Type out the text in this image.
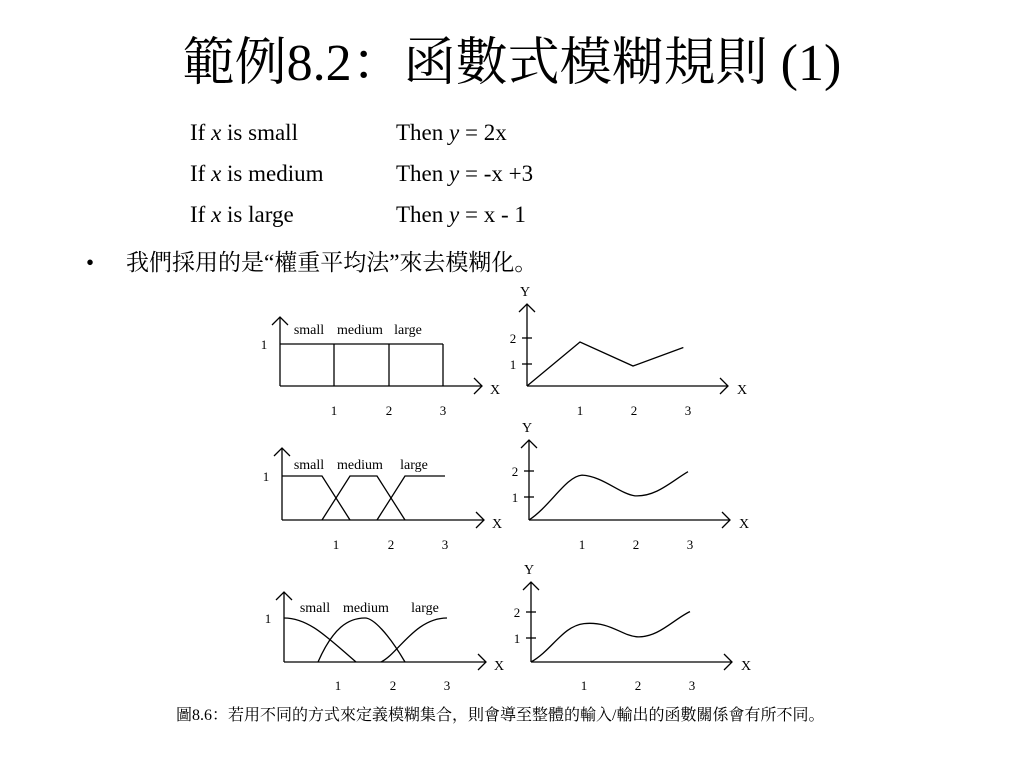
範例8.2：函數式模糊規則 (1)
If x is small	Then y = 2x
If x is medium	Then y = -x +3
If x is large	Then y = x - 1
• 我們採用的是“權重平均法”來去模糊化。
X
1
1	2	3
small medium large
Y
X
1	2	3
1
2
X
1
1	2	3
small medium large
Y
X
1	2	3
1
2
X
1
1	2	3
small medium large
Y
X
1	2	3
1
2
圖8.6：若用不同的方式來定義模糊集合，則會導至整體的輸入/輸出的函數關係會有所不同。
